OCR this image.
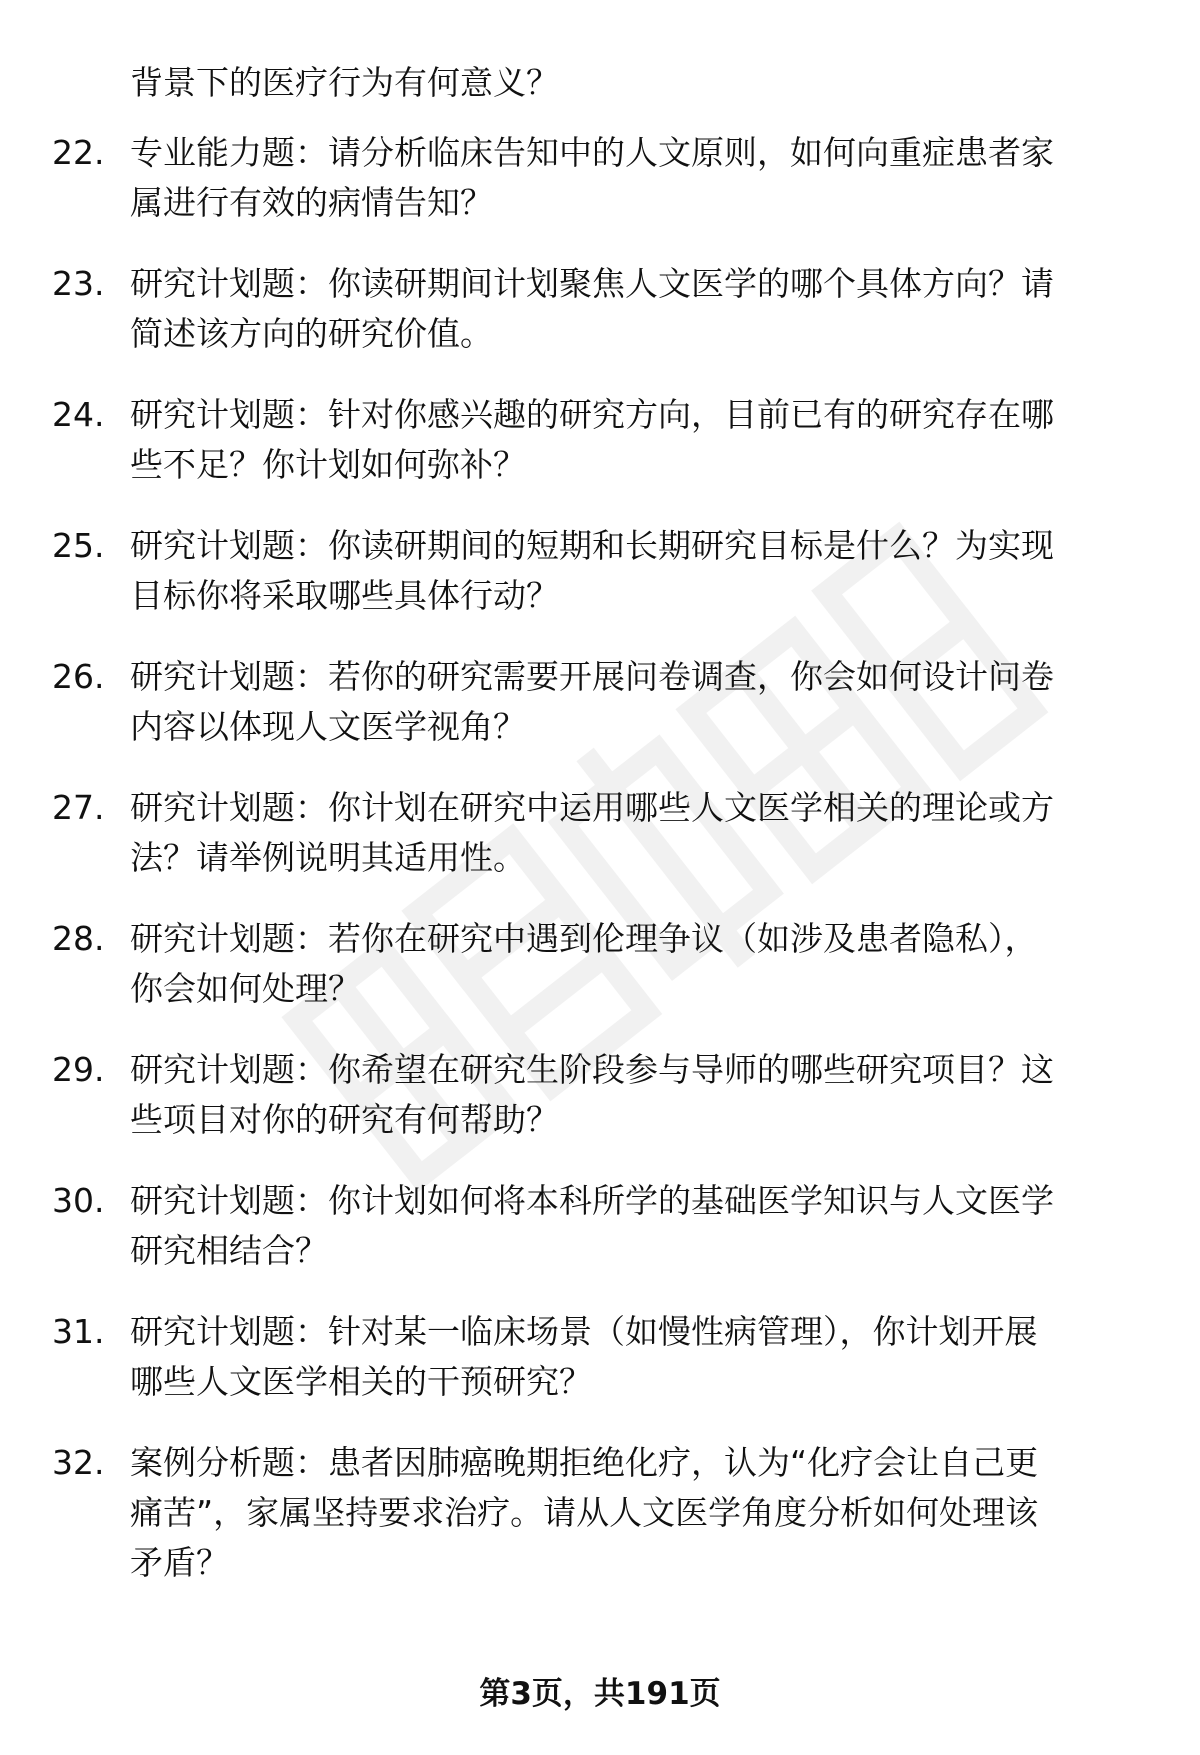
背景下的医疗行为有何意义？
22. 专业能力题：请分析临床告知中的人文原则，如何向重症患者家
属进行有效的病情告知？
23. 研究计划题：你读研期间计划聚焦人文医学的哪个具体方向？请
简述该方向的研究价值。
24. 研究计划题：针对你感兴趣的研究方向，目前已有的研究存在哪
些不足？你计划如何弥补？
25. 研究计划题：你读研期间的短期和长期研究目标是什么？为实现
目标你将采取哪些具体行动？
26. 研究计划题：若你的研究需要开展问卷调查，你会如何设计问卷
内容以体现人文医学视角？
27. 研究计划题：你计划在研究中运用哪些人文医学相关的理论或方
法？请举例说明其适用性。
28. 研究计划题：若你在研究中遇到伦理争议（如涉及患者隐私），
你会如何处理？
29. 研究计划题：你希望在研究生阶段参与导师的哪些研究项目？这
些项目对你的研究有何帮助？
30. 研究计划题：你计划如何将本科所学的基础医学知识与人文医学
研究相结合？
31. 研究计划题：针对某一临床场景（如慢性病管理），你计划开展
哪些人文医学相关的干预研究？
32. 案例分析题：患者因肺癌晚期拒绝化疗，认为“化疗会让自己更
痛苦”，家属坚持要求治疗。请从人文医学角度分析如何处理该
矛盾？
第3页，共191页
